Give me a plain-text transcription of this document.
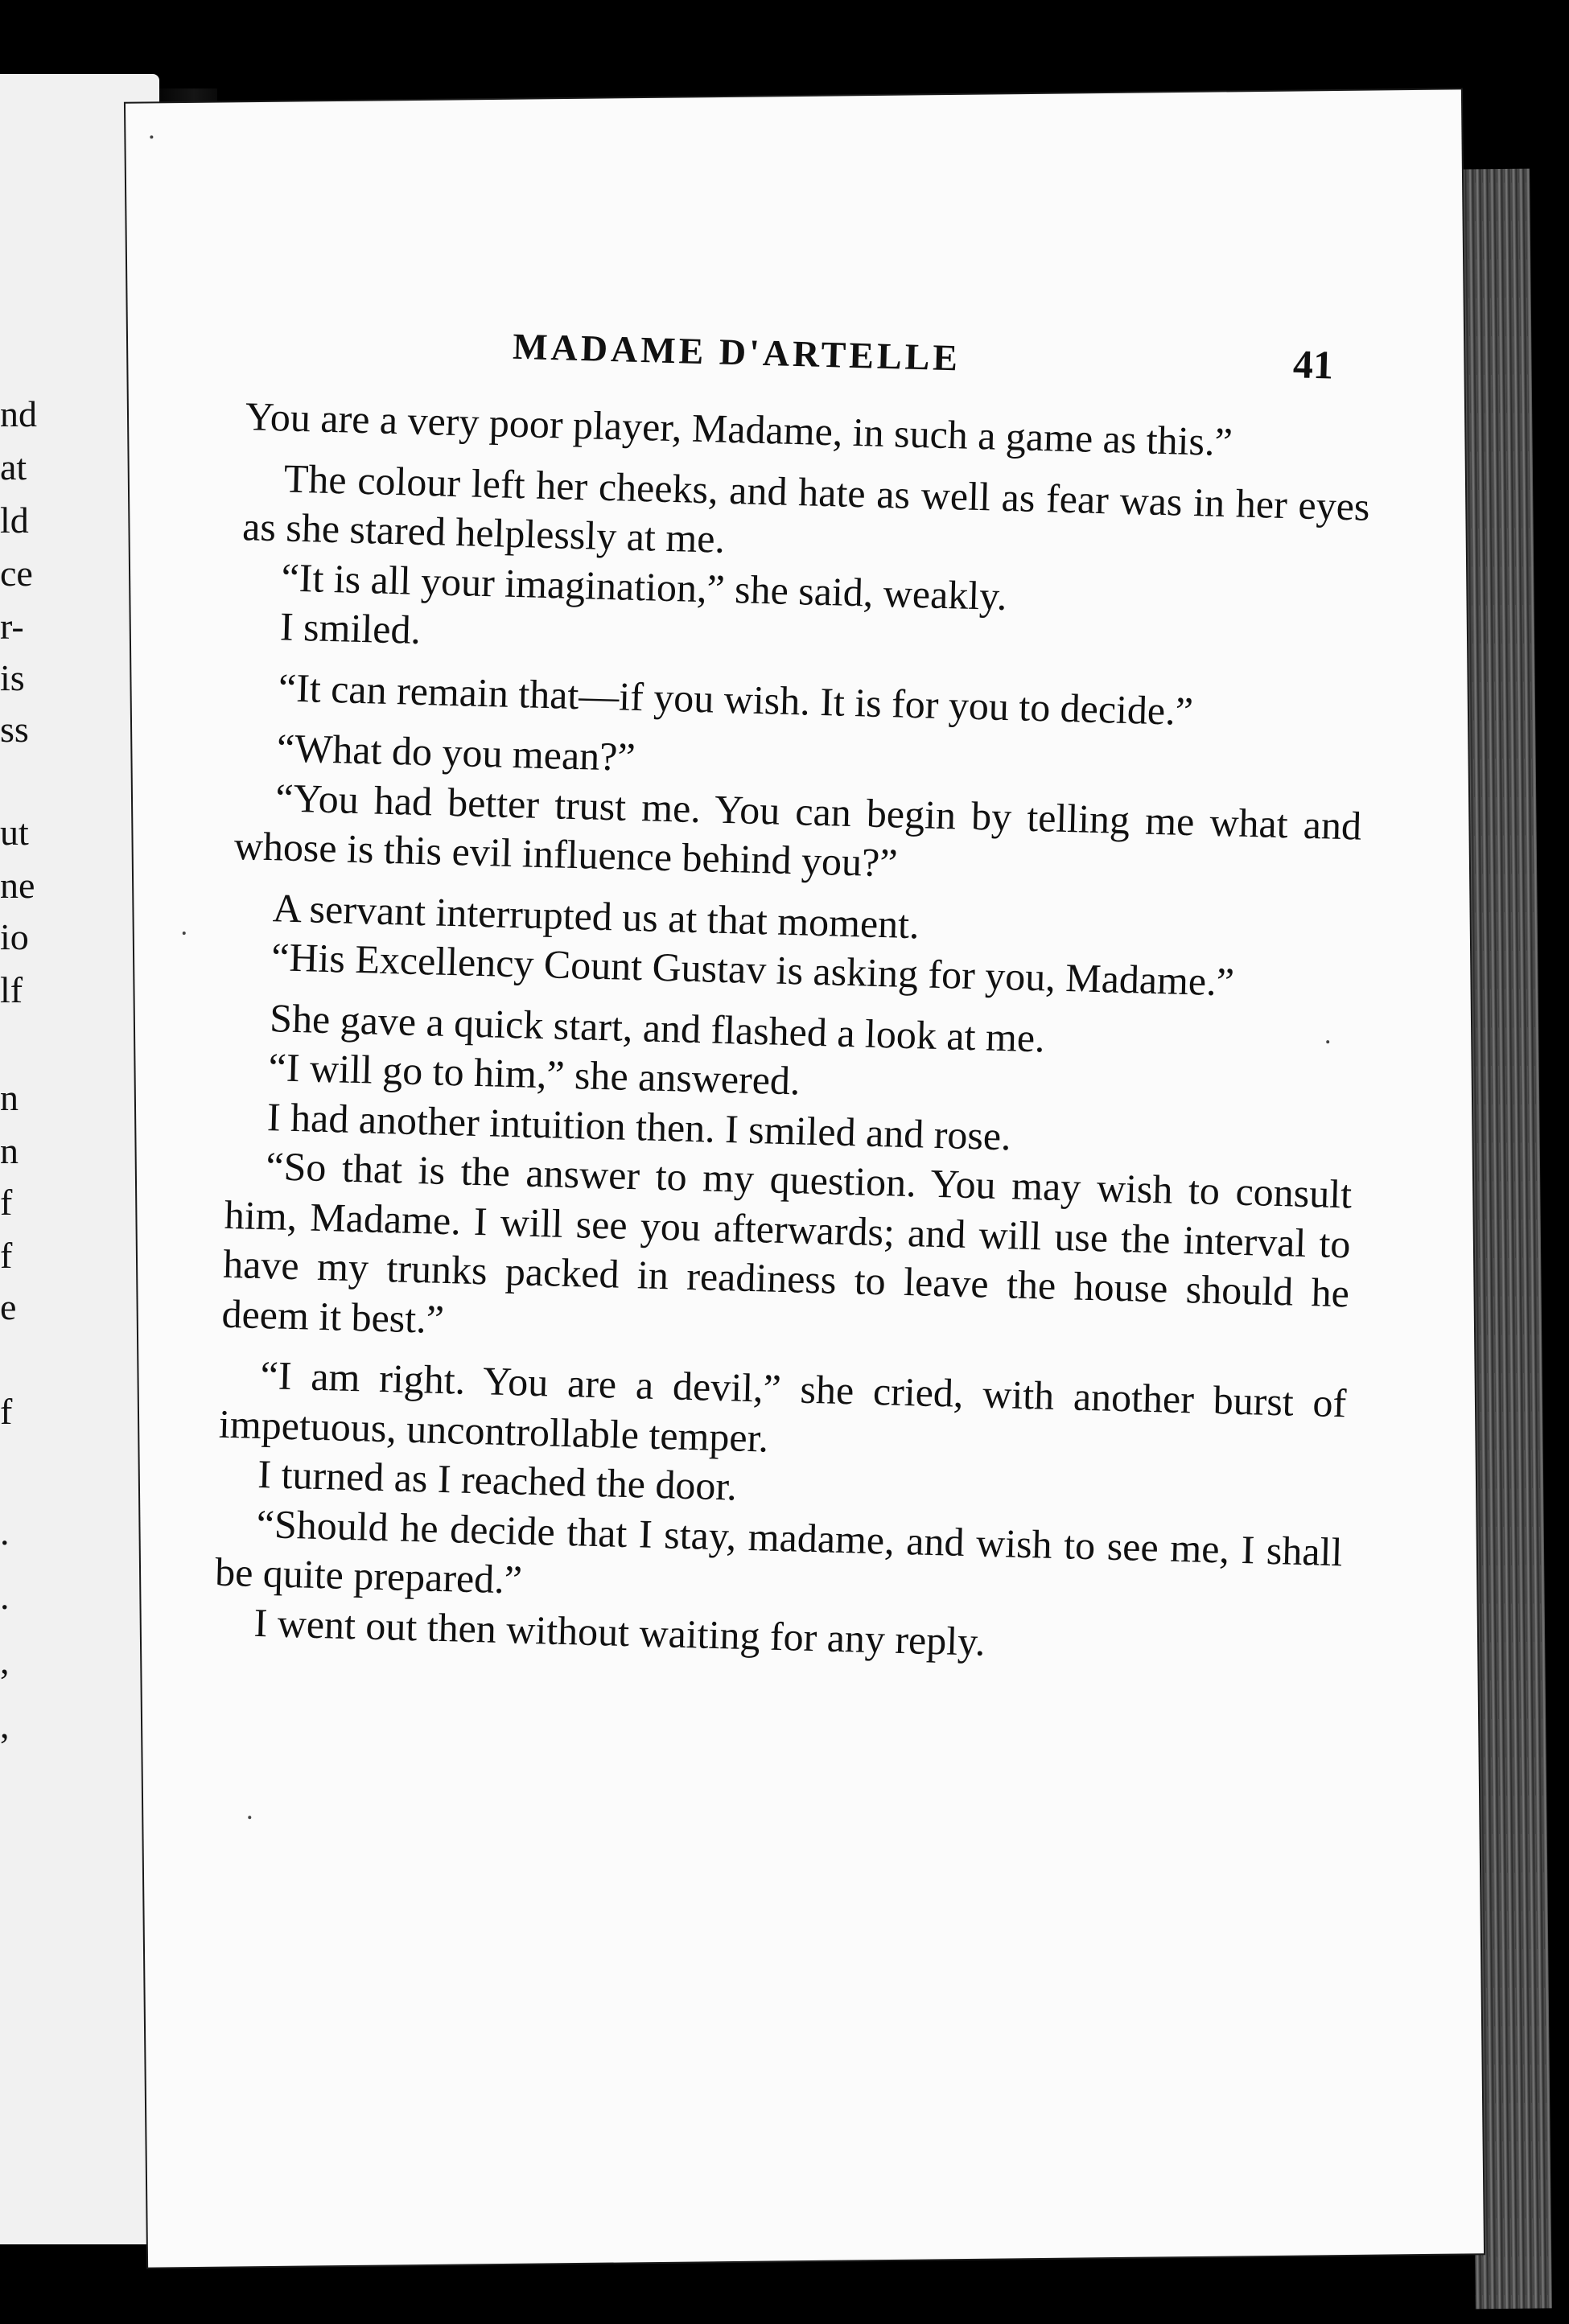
nd
at
ld
ce
r-
is
ss
ut
ne
io
lf
n
n
f
f
e
f
.
.
,
,
MADAME D'ARTELLE	41

You are a very poor player, Madame, in such a game as this.”

The colour left her cheeks, and hate as well as fear was in her eyes as she stared helplessly at me.

“It is all your imagination,” she said, weakly.

I smiled.

“It can remain that—if you wish. It is for you to decide.”

“What do you mean?”

“You had better trust me. You can begin by telling me what and whose is this evil influence behind you?”

A servant interrupted us at that moment.

“His Excellency Count Gustav is asking for you, Madame.”

She gave a quick start, and flashed a look at me.

“I will go to him,” she answered.

I had another intuition then. I smiled and rose.

“So that is the answer to my question. You may wish to consult him, Madame. I will see you afterwards; and will use the interval to have my trunks packed in readiness to leave the house should he deem it best.”

“I am right. You are a devil,” she cried, with another burst of impetuous, uncontrollable temper.

I turned as I reached the door.

“Should he decide that I stay, madame, and wish to see me, I shall be quite prepared.”

I went out then without waiting for any reply.
